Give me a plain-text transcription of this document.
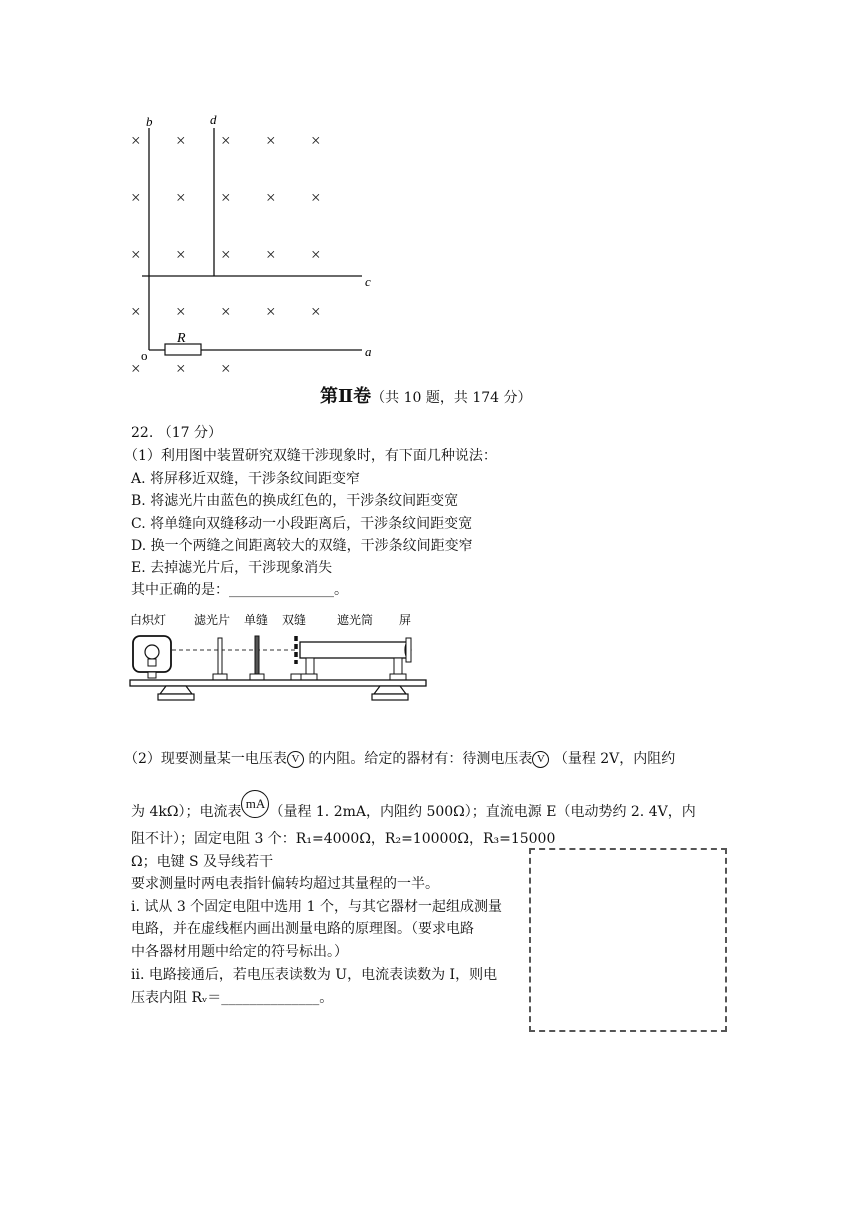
× × × × ×
× × × × ×
× × × × ×
× × × × ×
× × ×
b	d
c
a
o
R
第Ⅱ卷（共 10 题，共 174 分）
22. （17 分）
（1）利用图中装置研究双缝干涉现象时，有下面几种说法：
A. 将屏移近双缝，干涉条纹间距变窄
B. 将滤光片由蓝色的换成红色的，干涉条纹间距变宽
C. 将单缝向双缝移动一小段距离后，干涉条纹间距变宽
D. 换一个两缝之间距离较大的双缝，干涉条纹间距变窄
E. 去掉滤光片后，干涉现象消失
其中正确的是：_______________。
白炽灯 滤光片 单缝 双缝	遮光筒 屏
（2）现要测量某一电压表 V 的内阻。给定的器材有：待测电压表 V （量程 2V，内阻约
为 4kΩ）；电流表mA（量程 1. 2mA，内阻约 500Ω）；直流电源 E（电动势约 2. 4V，内
阻不计）；固定电阻 3 个：R₁=4000Ω，R₂=10000Ω，R₃=15000
Ω；电键 S 及导线若干
要求测量时两电表指针偏转均超过其量程的一半。
i. 试从 3 个固定电阻中选用 1 个，与其它器材一起组成测量
电路，并在虚线框内画出测量电路的原理图。（要求电路
中各器材用题中给定的符号标出。）
ii. 电路接通后，若电压表读数为 U，电流表读数为 I，则电
压表内阻 Rᵥ＝______________。
